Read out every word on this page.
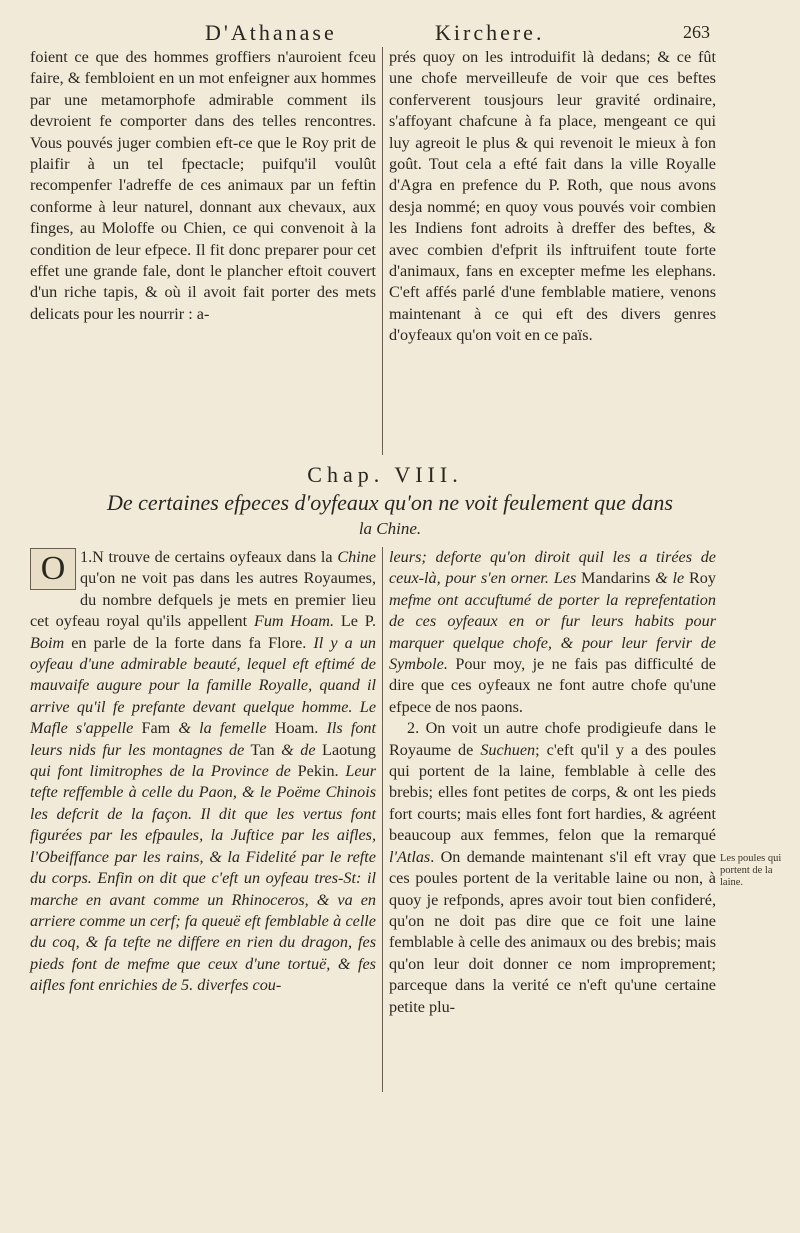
D'Athanase	Kirchere.	263

foient ce que des hommes groffiers n'auroient fceu faire, & fembloient en un mot enfeigner aux hommes par une metamorphofe admirable comment ils devroient fe comporter dans des telles rencontres. Vous pouvés juger combien eft-ce que le Roy prit de plaifir à un tel fpectacle; puifqu'il voulût recompenfer l'adreffe de ces animaux par un feftin conforme à leur naturel, donnant aux chevaux, aux finges, au Moloffe ou Chien, ce qui convenoit à la condition de leur efpece. Il fit donc preparer pour cet effet une grande fale, dont le plancher eftoit couvert d'un riche tapis, & où il avoit fait porter des mets delicats pour les nourrir : a-

prés quoy on les introduifit là dedans; & ce fût une chofe merveilleufe de voir que ces beftes conferverent tousjours leur gravité ordinaire, s'affoyant chafcune à fa place, mengeant ce qui luy agreoit le plus & qui revenoit le mieux à fon goût. Tout cela a efté fait dans la ville Royalle d'Agra en prefence du P. Roth, que nous avons desja nommé; en quoy vous pouvés voir combien les Indiens font adroits à dreffer des beftes, & avec combien d'efprit ils inftruifent toute forte d'animaux, fans en excepter mefme les elephans. C'eft affés parlé d'une femblable matiere, venons maintenant à ce qui eft des divers genres d'oyfeaux qu'on voit en ce païs.

Chap. VIII.
De certaines efpeces d'oyfeaux qu'on ne voit feulement que dans
la Chine.

1.
O	N trouve de certains oyfeaux dans la Chine qu'on ne voit pas dans les autres Royaumes, du nombre defquels je mets en premier lieu cet oyfeau royal qu'ils appellent Fum Hoam. Le P. Boim en parle de la forte dans fa Flore. Il y a un oyfeau d'une admirable beauté, lequel eft eftimé de mauvaife augure pour la famille Royalle, quand il arrive qu'il fe prefante devant quelque homme. Le Mafle s'appelle Fam & la femelle Hoam. Ils font leurs nids fur les montagnes de Tan & de Laotung qui font limitrophes de la Province de Pekin. Leur tefte reffemble à celle du Paon, & le Poëme Chinois les defcrit de la façon. Il dit que les vertus font figurées par les efpaules, la Juftice par les aifles, l'Obeiffance par les rains, & la Fidelité par le refte du corps. Enfin on dit que c'eft un oyfeau tres-St: il marche en avant comme un Rhinoceros, & va en arriere comme un cerf; fa queuë eft femblable à celle du coq, & fa tefte ne differe en rien du dragon, fes pieds font de mefme que ceux d'une tortuë, & fes aifles font enrichies de 5. diverfes cou-

leurs; deforte qu'on diroit quil les a tirées de ceux-là, pour s'en orner. Les Mandarins & le Roy mefme ont accuftumé de porter la reprefentation de ces oyfeaux en or fur leurs habits pour marquer quelque chofe, & pour leur fervir de Symbole. Pour moy, je ne fais pas difficulté de dire que ces oyfeaux ne font autre chofe qu'une efpece de nos paons.

2. On voit un autre chofe prodigieufe dans le Royaume de Suchuen; c'eft qu'il y a des poules qui portent de la laine, femblable à celle des brebis; elles font petites de corps, & ont les pieds fort courts; mais elles font fort hardies, & agréent beaucoup aux femmes, felon que la remarqué l'Atlas. On demande maintenant s'il eft vray que ces poules portent de la veritable laine ou non, à quoy je refponds, apres avoir tout bien confideré, qu'on ne doit pas dire que ce foit une laine femblable à celle des animaux ou des brebis; mais qu'on leur doit donner ce nom improprement; parceque dans la verité ce n'eft qu'une certaine petite plu-

Les poules qui portent de la laine.
